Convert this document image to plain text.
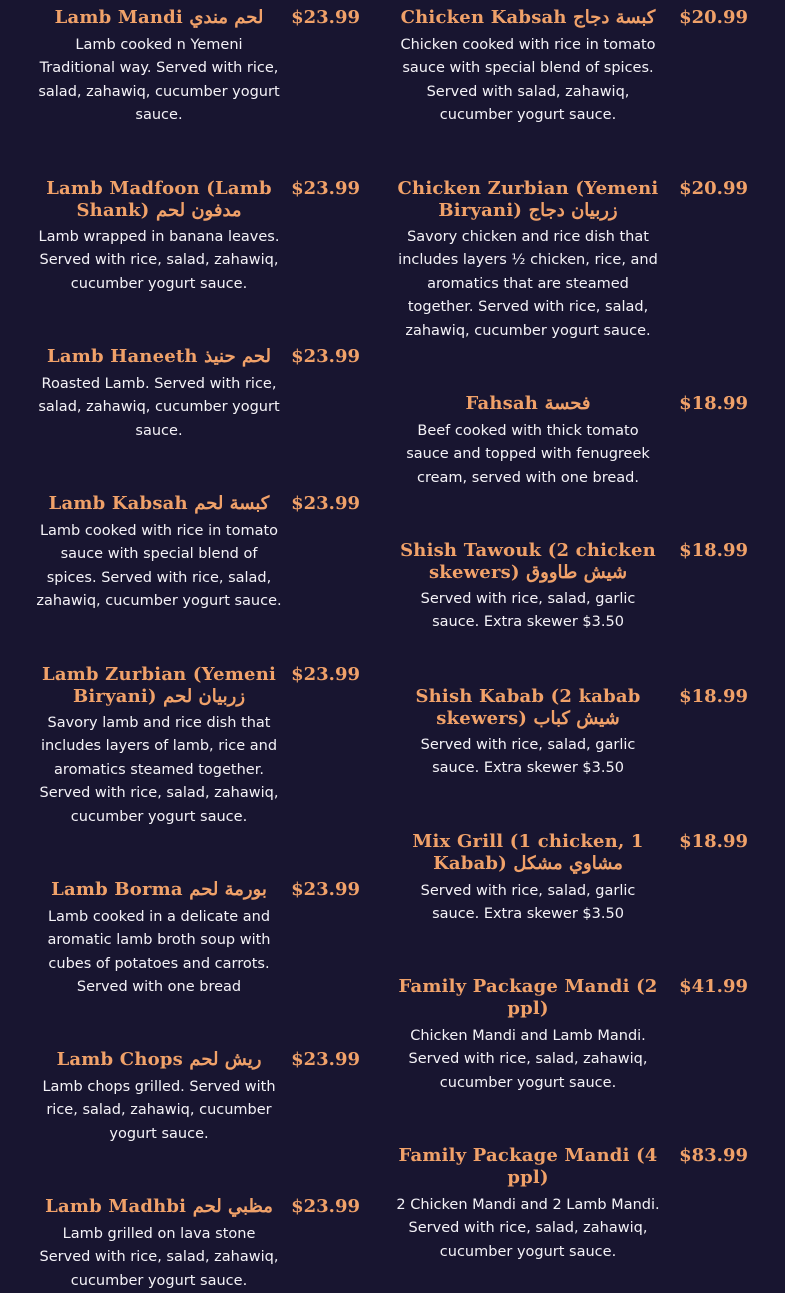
Lamb Mandi لحم مندي	$23.99
Lamb cooked n Yemeni Traditional way. Served with rice, salad, zahawiq, cucumber yogurt sauce.
Lamb Madfoon (Lamb Shank) مدفون لحم
$23.99
Lamb wrapped in banana leaves. Served with rice, salad, zahawiq, cucumber yogurt sauce.
Lamb Haneeth لحم حنيذ	$23.99
Roasted Lamb. Served with rice, salad, zahawiq, cucumber yogurt sauce.
Lamb Kabsah كبسة لحم	$23.99
Lamb cooked with rice in tomato sauce with special blend of spices. Served with rice, salad, zahawiq, cucumber yogurt sauce.
Lamb Zurbian (Yemeni Biryani) زربيان لحم
$23.99
Savory lamb and rice dish that includes layers of lamb, rice and aromatics steamed together. Served with rice, salad, zahawiq, cucumber yogurt sauce.
Lamb Borma بورمة لحم	$23.99
Lamb cooked in a delicate and aromatic lamb broth soup with cubes of potatoes and carrots. Served with one bread
Lamb Chops ريش لحم	$23.99
Lamb chops grilled. Served with rice, salad, zahawiq, cucumber yogurt sauce.
Lamb Madhbi مظبي لحم	$23.99
Lamb grilled on lava stone Served with rice, salad, zahawiq, cucumber yogurt sauce.
Chicken Kabsah كبسة دجاج $20.99
Chicken cooked with rice in tomato sauce with special blend of spices. Served with salad, zahawiq, cucumber yogurt sauce.
Chicken Zurbian (Yemeni Biryani) زربيان دجاج
$20.99
Savory chicken and rice dish that includes layers ½ chicken, rice, and aromatics that are steamed together. Served with rice, salad, zahawiq, cucumber yogurt sauce.
Fahsah فحسة	$18.99
Beef cooked with thick tomato sauce and topped with fenugreek cream, served with one bread.
Shish Tawouk (2 chicken skewers) شيش طاووق
$18.99
Served with rice, salad, garlic sauce. Extra skewer $3.50
Shish Kabab (2 kabab skewers) شيش كباب
$18.99
Served with rice, salad, garlic sauce. Extra skewer $3.50
Mix Grill (1 chicken, 1 Kabab) مشاوي مشكل
$18.99
Served with rice, salad, garlic sauce. Extra skewer $3.50
Family Package Mandi (2 ppl)
$41.99
Chicken Mandi and Lamb Mandi. Served with rice, salad, zahawiq, cucumber yogurt sauce.
Family Package Mandi (4 ppl)
$83.99
2 Chicken Mandi and 2 Lamb Mandi. Served with rice, salad, zahawiq, cucumber yogurt sauce.
